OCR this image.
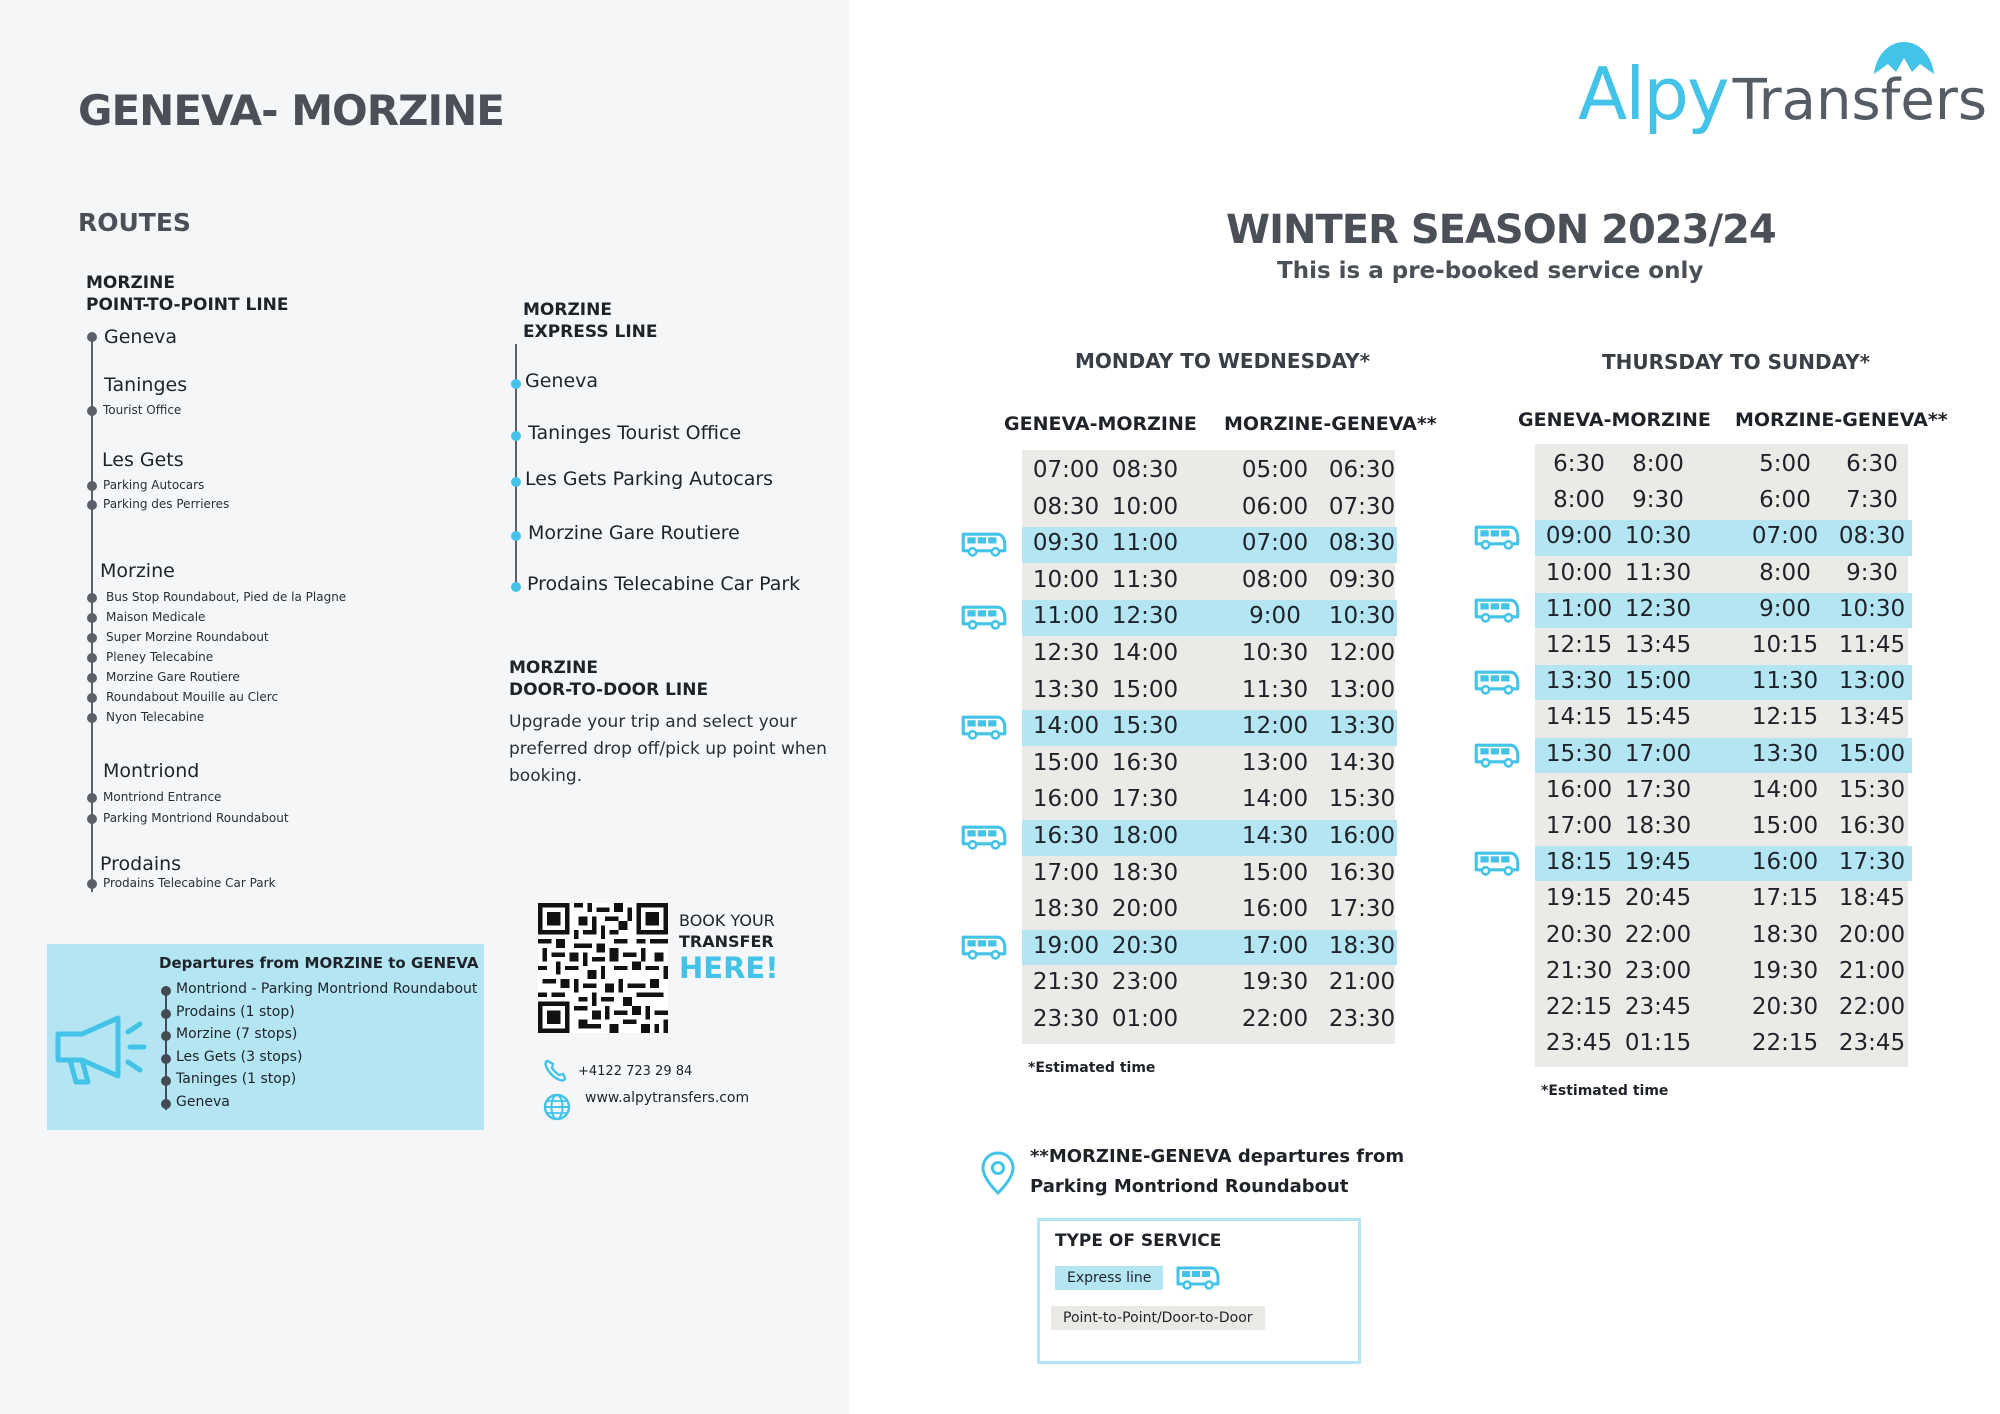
GENEVA- MORZINE
ROUTES
MORZINE
POINT-TO-POINT LINE
Geneva
Taninges
Tourist Office
Les Gets
Parking Autocars
Parking des Perrieres
Morzine
Bus Stop Roundabout, Pied de la Plagne
Maison Medicale
Super Morzine Roundabout
Pleney Telecabine
Morzine Gare Routiere
Roundabout Mouille au Clerc
Nyon Telecabine
Montriond
Montriond Entrance
Parking Montriond Roundabout
Prodains
Prodains Telecabine Car Park
MORZINE
EXPRESS LINE
Geneva
Taninges Tourist Office
Les Gets Parking Autocars
Morzine Gare Routiere
Prodains Telecabine Car Park
MORZINE
DOOR-TO-DOOR LINE
Upgrade your trip and select your preferred drop off/pick up point when booking.
Departures from MORZINE to GENEVA
Montriond - Parking Montriond Roundabout
Prodains (1 stop)
Morzine (7 stops)
Les Gets (3 stops)
Taninges (1 stop)
Geneva
BOOK YOUR
TRANSFER
HERE!
+4122 723 29 84
www.alpytransfers.com
Alpy Transfers
WINTER SEASON 2023/24
This is a pre-booked service only
MONDAY TO WEDNESDAY*
GENEVA-MORZINE MORZINE-GENEVA**
07:00 08:30	05:00 06:30
08:30 10:00	06:00 07:30
09:30 11:00	07:00 08:30
10:00 11:30	08:00 09:30
11:00 12:30	9:00	10:30
12:30 14:00	10:30 12:00
13:30 15:00	11:30 13:00
14:00 15:30	12:00 13:30
15:00 16:30	13:00 14:30
16:00 17:30	14:00 15:30
16:30 18:00	14:30 16:00
17:00 18:30	15:00 16:30
18:30 20:00	16:00 17:30
19:00 20:30	17:00 18:30
21:30 23:00	19:30 21:00
23:30 01:00	22:00 23:30
*Estimated time
THURSDAY TO SUNDAY*
GENEVA-MORZINE MORZINE-GENEVA**
6:30	8:00	5:00	6:30
8:00	9:30	6:00	7:30
09:00 10:30	07:00 08:30
10:00 11:30	8:00	9:30
11:00 12:30	9:00	10:30
12:15 13:45	10:15 11:45
13:30 15:00	11:30 13:00
14:15 15:45	12:15 13:45
15:30 17:00	13:30 15:00
16:00 17:30	14:00 15:30
17:00 18:30	15:00 16:30
18:15 19:45	16:00 17:30
19:15 20:45	17:15 18:45
20:30 22:00	18:30 20:00
21:30 23:00	19:30 21:00
22:15 23:45	20:30 22:00
23:45 01:15	22:15 23:45
*Estimated time
**MORZINE-GENEVA departures from
Parking Montriond Roundabout
TYPE OF SERVICE
Express line
Point-to-Point/Door-to-Door
